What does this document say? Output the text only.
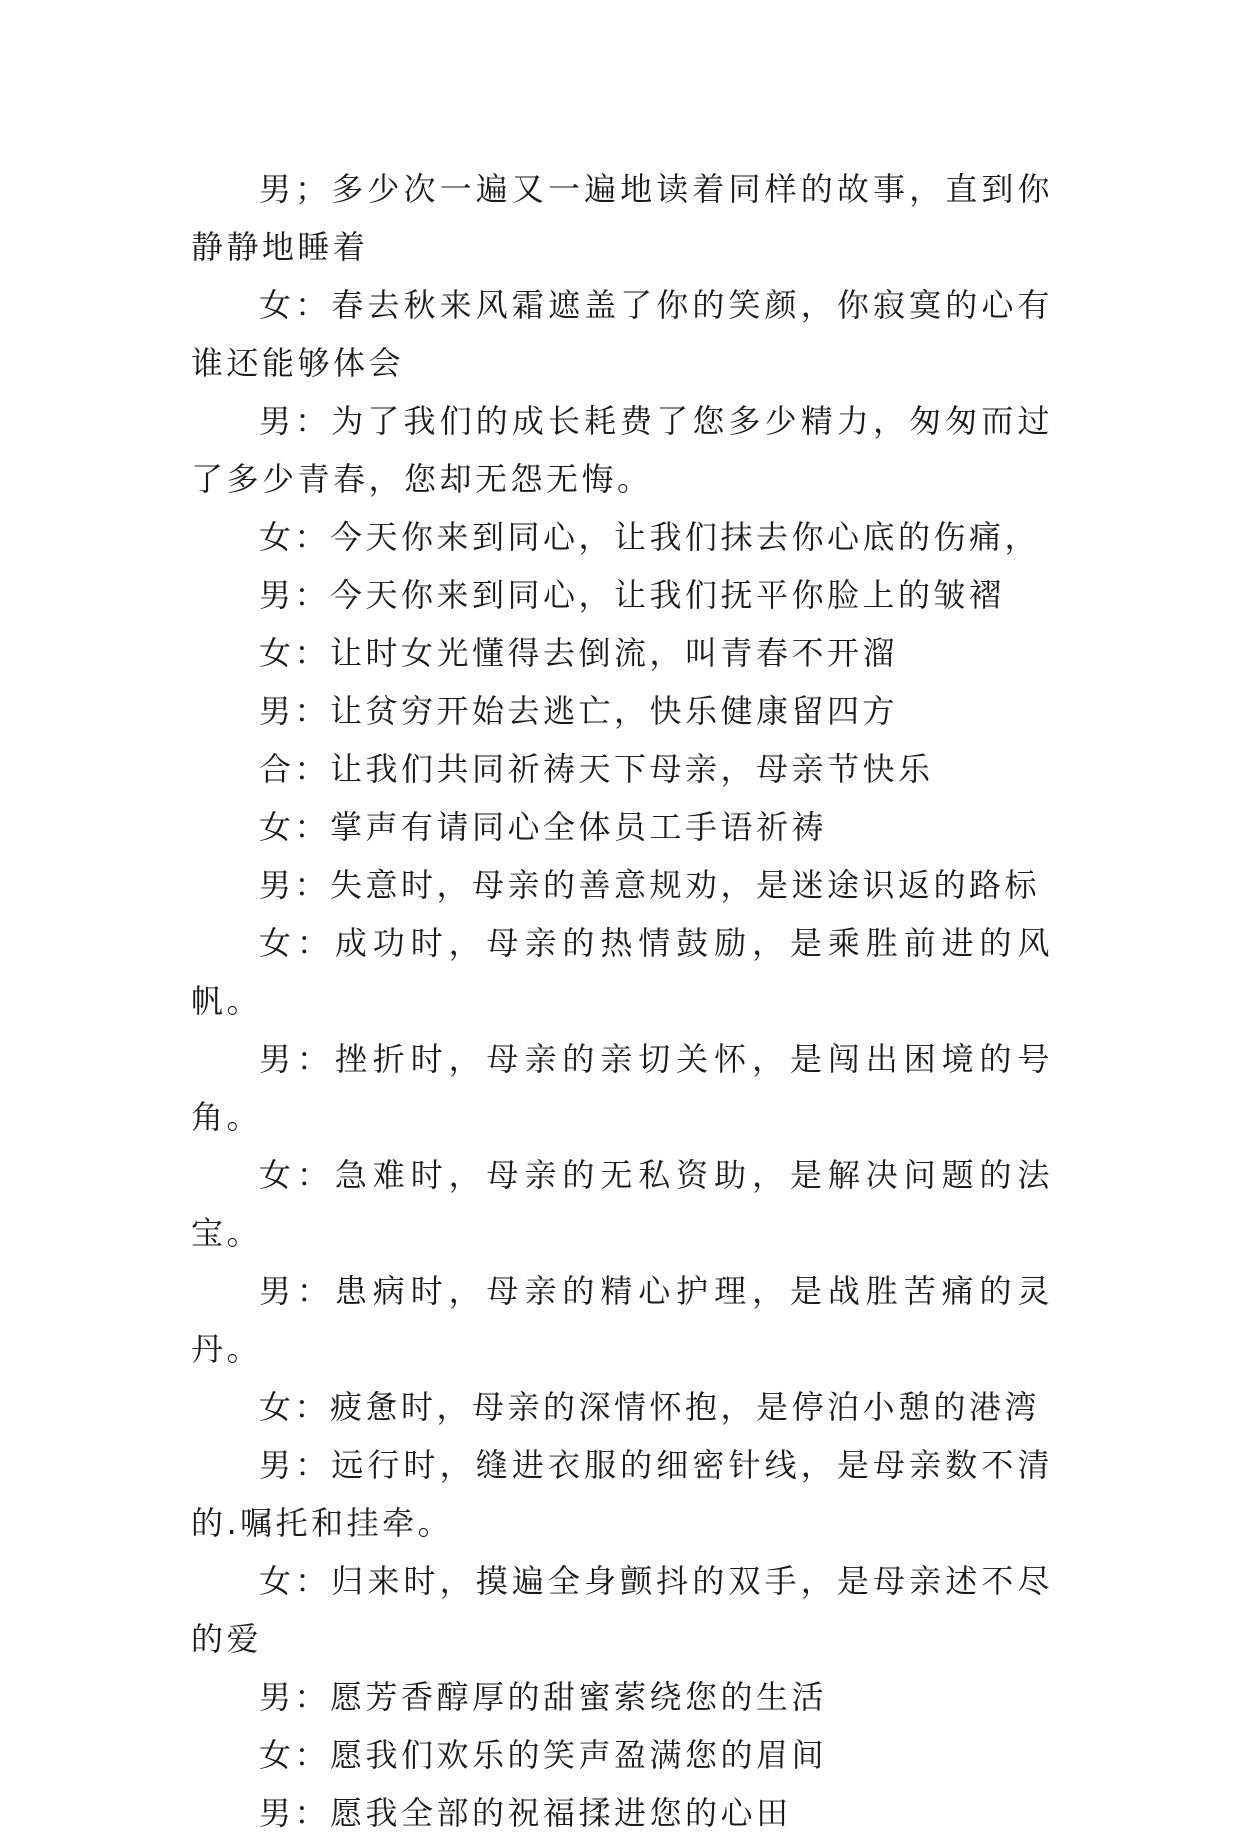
男；多少次一遍又一遍地读着同样的故事，直到你静静地睡着

女：春去秋来风霜遮盖了你的笑颜，你寂寞的心有谁还能够体会

男：为了我们的成长耗费了您多少精力，匆匆而过了多少青春，您却无怨无悔。

女：今天你来到同心，让我们抹去你心底的伤痛，

男：今天你来到同心，让我们抚平你脸上的皱褶

女：让时女光懂得去倒流，叫青春不开溜

男：让贫穷开始去逃亡，快乐健康留四方

合：让我们共同祈祷天下母亲，母亲节快乐

女：掌声有请同心全体员工手语祈祷

男：失意时，母亲的善意规劝，是迷途识返的路标

女：成功时，母亲的热情鼓励，是乘胜前进的风帆。

男：挫折时，母亲的亲切关怀，是闯出困境的号角。

女：急难时，母亲的无私资助，是解决问题的法宝。

男：患病时，母亲的精心护理，是战胜苦痛的灵丹。

女：疲惫时，母亲的深情怀抱，是停泊小憩的港湾

男：远行时，缝进衣服的细密针线，是母亲数不清的.嘱托和挂牵。

女：归来时，摸遍全身颤抖的双手，是母亲述不尽的爱

男：愿芳香醇厚的甜蜜萦绕您的生活

女：愿我们欢乐的笑声盈满您的眉间

男：愿我全部的祝福揉进您的心田
